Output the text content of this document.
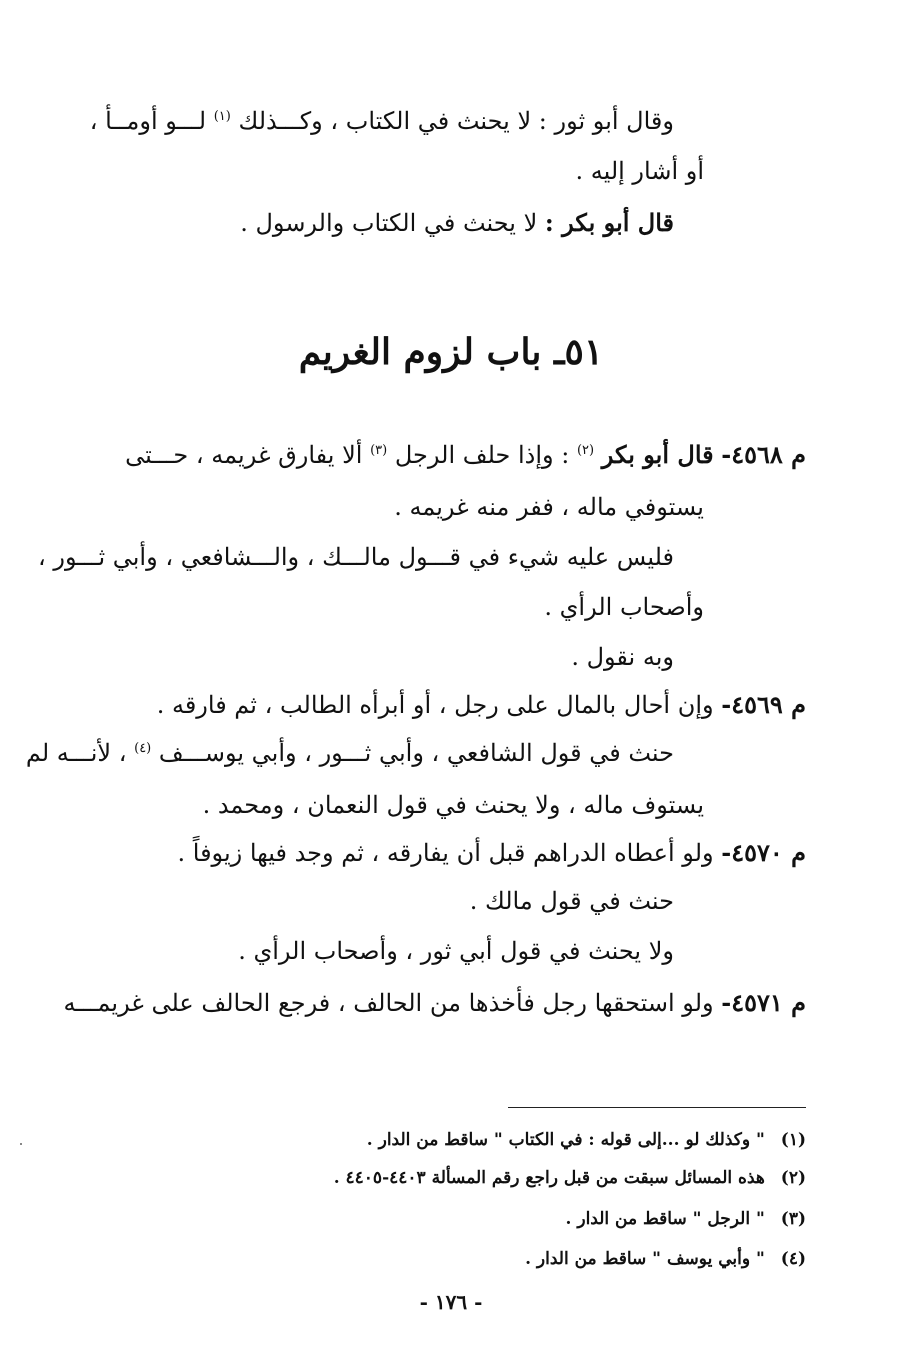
وقال أبو ثور : لا يحنث في الكتاب ، وكـــذلك $^{(١)}$ لـــو أومــأ ،
أو أشار إليه .
قال أبو بكر : لا يحنث في الكتاب والرسول .
٥١ـ باب لزوم الغريم
م ٤٥٦٨- قال أبو بكر $^{(٢)}$ : وإذا حلف الرجل $^{(٣)}$ ألا يفارق غريمه ، حـــتى
يستوفي ماله ، ففر منه غريمه .
فليس عليه شيء في قـــول مالـــك ، والـــشافعي ، وأبي ثـــور ،
وأصحاب الرأي .
وبه نقول .
م ٤٥٦٩- وإن أحال بالمال على رجل ، أو أبرأه الطالب ، ثم فارقه .
حنث في قول الشافعي ، وأبي ثـــور ، وأبي يوســـف $^{(٤)}$ ، لأنـــه لم
يستوف ماله ، ولا يحنث في قول النعمان ، ومحمد .
م ٤٥٧٠- ولو أعطاه الدراهم قبل أن يفارقه ، ثم وجد فيها زيوفاً .
حنث في قول مالك .
ولا يحنث في قول أبي ثور ، وأصحاب الرأي .
م ٤٥٧١- ولو استحقها رجل فأخذها من الحالف ، فرجع الحالف على غريمـــه
(١) " وكذلك لو ...إلى قوله : في الكتاب " ساقط من الدار .
(٢) هذه المسائل سبقت من قبل راجع رقم المسألة ٤٤٠٣-٤٤٠٥ .
(٣) " الرجل " ساقط من الدار .
(٤) " وأبي يوسف " ساقط من الدار .
- ١٧٦ -
